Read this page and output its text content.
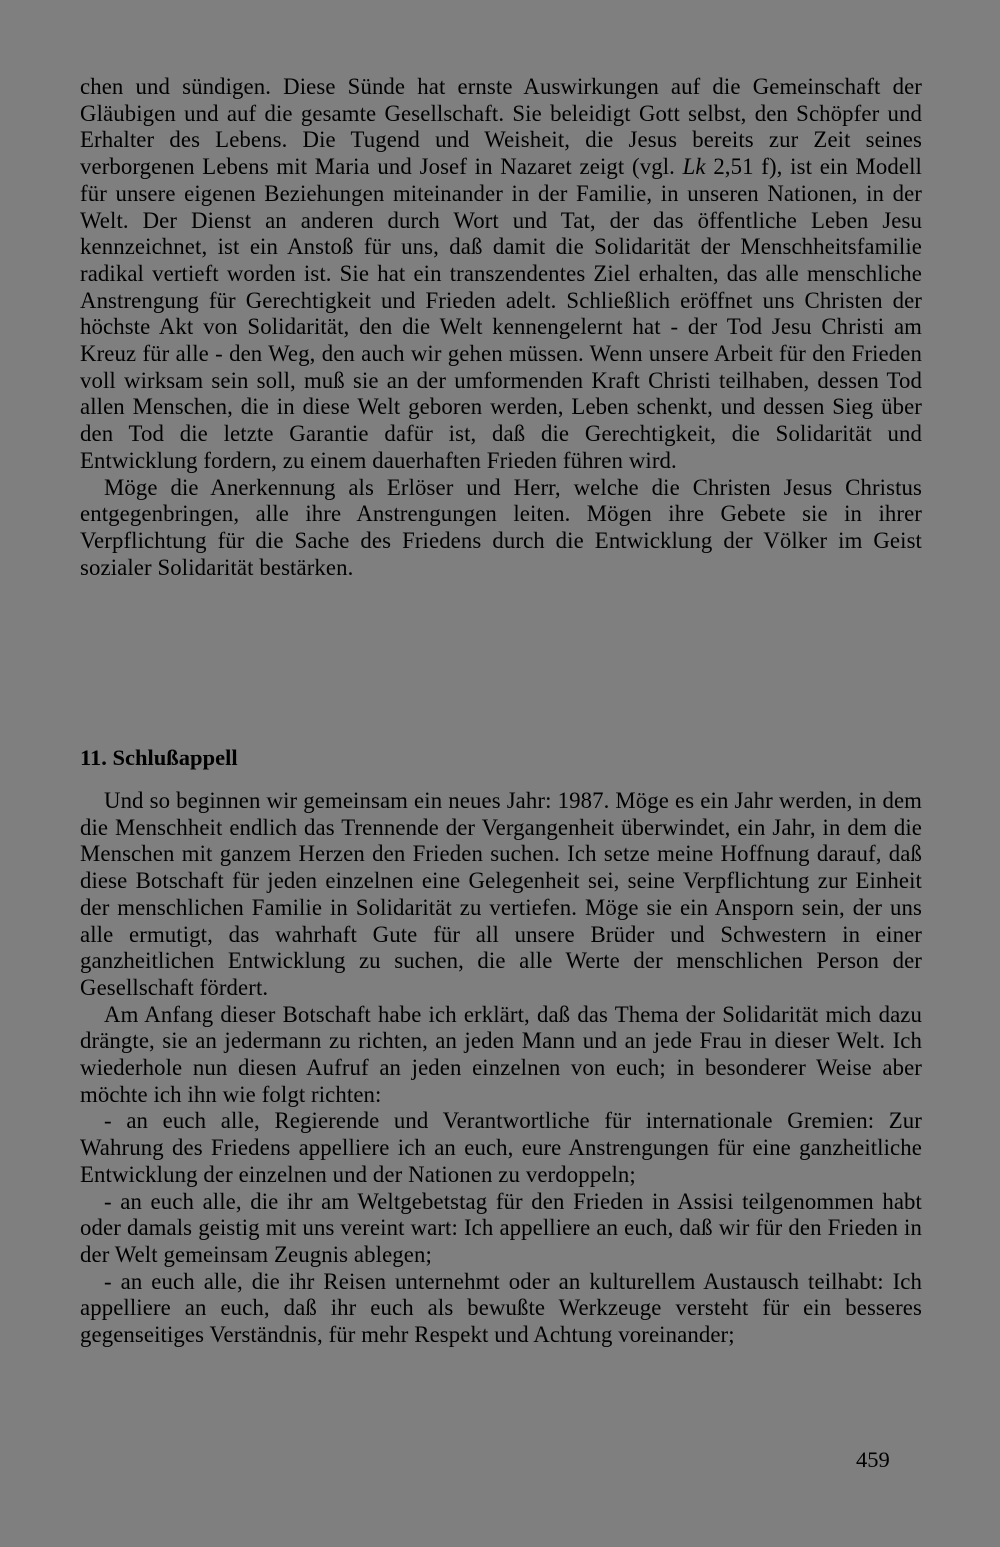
chen und sündigen. Diese Sünde hat ernste Auswirkungen auf die Gemeinschaft der Gläubigen und auf die gesamte Gesellschaft. Sie beleidigt Gott selbst, den Schöpfer und Erhalter des Lebens. Die Tugend und Weisheit, die Jesus bereits zur Zeit seines verborgenen Lebens mit Maria und Josef in Nazaret zeigt (vgl. Lk 2,51 f), ist ein Modell für unsere eigenen Beziehungen miteinander in der Familie, in unseren Nationen, in der Welt. Der Dienst an anderen durch Wort und Tat, der das öffentliche Leben Jesu kennzeichnet, ist ein Anstoß für uns, daß damit die Solidarität der Menschheitsfamilie radikal vertieft worden ist. Sie hat ein transzendentes Ziel erhalten, das alle menschliche Anstrengung für Gerechtigkeit und Frieden adelt. Schließlich eröffnet uns Christen der höchste Akt von Solidarität, den die Welt kennengelernt hat - der Tod Jesu Christi am Kreuz für alle - den Weg, den auch wir gehen müssen. Wenn unsere Arbeit für den Frieden voll wirksam sein soll, muß sie an der umformenden Kraft Christi teilhaben, dessen Tod allen Menschen, die in diese Welt geboren werden, Leben schenkt, und dessen Sieg über den Tod die letzte Garantie dafür ist, daß die Gerechtigkeit, die Solidarität und Entwicklung fordern, zu einem dauerhaften Frieden führen wird.

Möge die Anerkennung als Erlöser und Herr, welche die Christen Jesus Christus entgegenbringen, alle ihre Anstrengungen leiten. Mögen ihre Gebete sie in ihrer Verpflichtung für die Sache des Friedens durch die Entwicklung der Völker im Geist sozialer Solidarität bestärken.

11. Schlußappell

Und so beginnen wir gemeinsam ein neues Jahr: 1987. Möge es ein Jahr werden, in dem die Menschheit endlich das Trennende der Vergangenheit überwindet, ein Jahr, in dem die Menschen mit ganzem Herzen den Frieden suchen. Ich setze meine Hoffnung darauf, daß diese Botschaft für jeden einzelnen eine Gelegenheit sei, seine Verpflichtung zur Einheit der menschlichen Familie in Solidarität zu vertiefen. Möge sie ein Ansporn sein, der uns alle ermutigt, das wahrhaft Gute für all unsere Brüder und Schwestern in einer ganzheitlichen Entwicklung zu suchen, die alle Werte der menschlichen Person der Gesellschaft fördert.

Am Anfang dieser Botschaft habe ich erklärt, daß das Thema der Solidarität mich dazu drängte, sie an jedermann zu richten, an jeden Mann und an jede Frau in dieser Welt. Ich wiederhole nun diesen Aufruf an jeden einzelnen von euch; in besonderer Weise aber möchte ich ihn wie folgt richten:

- an euch alle, Regierende und Verantwortliche für internationale Gremien: Zur Wahrung des Friedens appelliere ich an euch, eure Anstrengungen für eine ganzheitliche Entwicklung der einzelnen und der Nationen zu verdoppeln;

- an euch alle, die ihr am Weltgebetstag für den Frieden in Assisi teilgenommen habt oder damals geistig mit uns vereint wart: Ich appelliere an euch, daß wir für den Frieden in der Welt gemeinsam Zeugnis ablegen;

- an euch alle, die ihr Reisen unternehmt oder an kulturellem Austausch teilhabt: Ich appelliere an euch, daß ihr euch als bewußte Werkzeuge versteht für ein besseres gegenseitiges Verständnis, für mehr Respekt und Achtung voreinander;

459
